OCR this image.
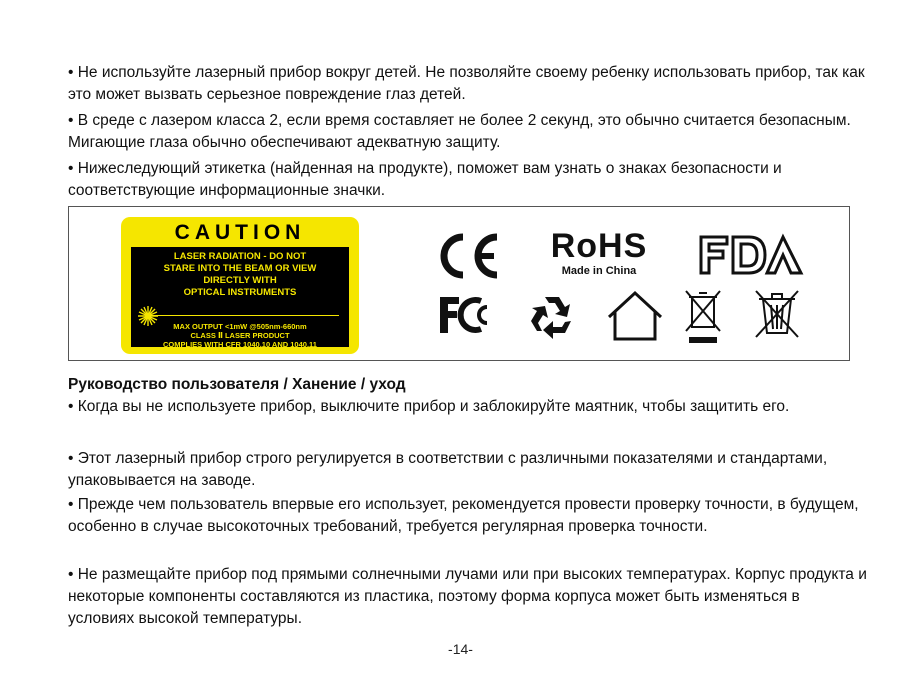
• Не используйте лазерный прибор вокруг детей. Не позволяйте своему ребенку использовать прибор, так как это может вызвать серьезное повреждение глаз детей.

• В среде с лазером класса 2, если время составляет не более 2 секунд, это обычно считается безопасным. Мигающие глаза обычно обеспечивают адекватную защиту.

• Нижеследующий этикетка (найденная на продукте), поможет вам узнать о знаках безопасности и соответствующие информационные значки.

CAUTION
LASER RADIATION - DO NOT
STARE INTO THE BEAM OR VIEW
DIRECTLY WITH
OPTICAL INSTRUMENTS
MAX OUTPUT <1mW @505nm-660nm
CLASS Ⅱ LASER PRODUCT
COMPLIES WITH CFR 1040.10 AND 1040.11
RoHS
Made in China

Руководство пользователя / Ханение / уход

• Когда вы не используете прибор, выключите прибор и заблокируйте маятник, чтобы защитить его.

• Этот лазерный прибор строго регулируется в соответствии с различными показателями и стандартами, упаковывается на заводе.

• Прежде чем пользователь впервые его использует, рекомендуется провести проверку точности, в будущем, особенно в случае высокоточных требований, требуется регулярная проверка точности.

• Не размещайте прибор под прямыми солнечными лучами или при высоких температурах. Корпус продукта и некоторые компоненты составляются из пластика, поэтому форма корпуса может быть изменяться в условиях высокой температуры.

-14-
